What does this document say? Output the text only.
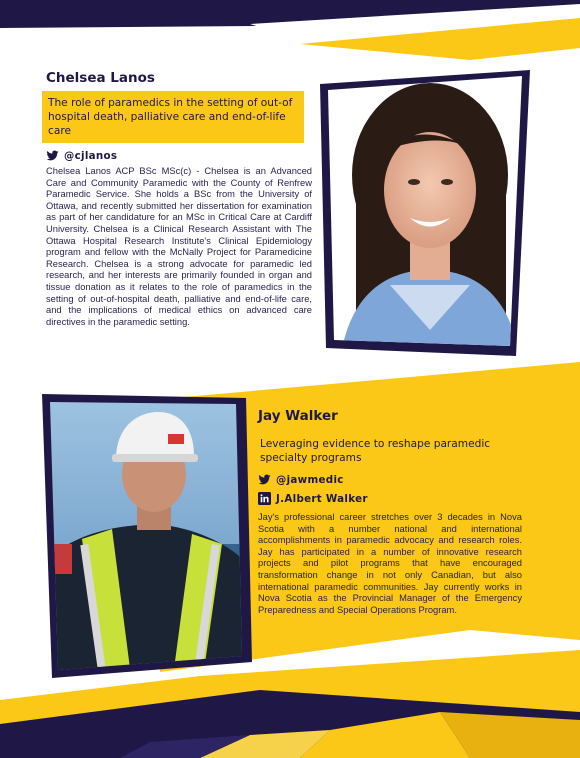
Chelsea Lanos
The role of paramedics in the setting of out-of hospital death, palliative care and end-of-life care
@cjlanos

Chelsea Lanos ACP BSc MSc(c) - Chelsea is an Advanced Care and Community Paramedic with the County of Renfrew Paramedic Service. She holds a BSc from the University of Ottawa, and recently submitted her dissertation for examination as part of her candidature for an MSc in Critical Care at Cardiff University. Chelsea is a Clinical Research Assistant with The Ottawa Hospital Research Institute's Clinical Epidemiology program and fellow with the McNally Project for Paramedicine Research. Chelsea is a strong advocate for paramedic led research, and her interests are primarily founded in organ and tissue donation as it relates to the role of paramedics in the setting of out-of-hospital death, palliative and end-of-life care, and the implications of medical ethics on advanced care directives in the paramedic setting.

Jay Walker
Leveraging evidence to reshape paramedic specialty programs
@jawmedic
J.Albert Walker

Jay's professional career stretches over 3 decades in Nova Scotia with a number national and international accomplishments in paramedic advocacy and research roles. Jay has participated in a number of innovative research projects and pilot programs that have encouraged transformation change in not only Canadian, but also international paramedic communities. Jay currently works in Nova Scotia as the Provincial Manager of the Emergency Preparedness and Special Operations Program.
